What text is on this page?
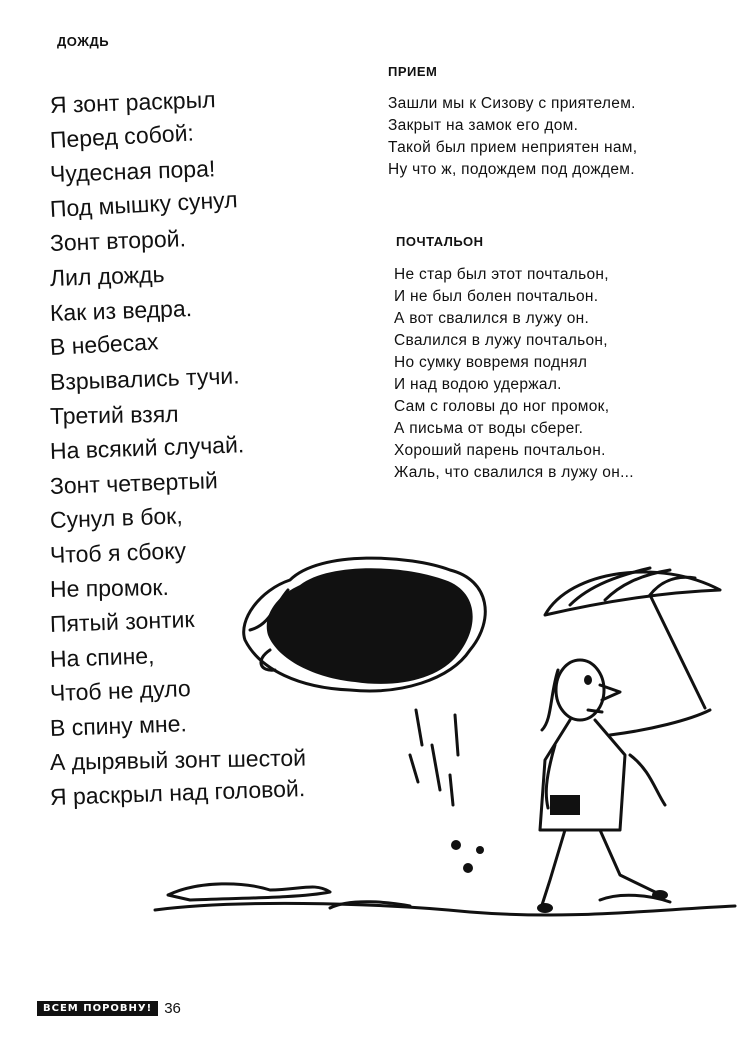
ДОЖДЬ
Я зонт раскрыл
Перед собой:
Чудесная пора!
Под мышку сунул
Зонт второй.
Лил дождь
Как из ведра.
В небесах
Взрывались тучи.
Третий взял
На всякий случай.
Зонт четвертый
Сунул в бок,
Чтоб я сбоку
Не промок.
Пятый зонтик
На спине,
Чтоб не дуло
В спину мне.
А дырявый зонт шестой
Я раскрыл над головой.
ПРИЕМ
Зашли мы к Сизову с приятелем.
Закрыт на замок его дом.
Такой был прием неприятен нам,
Ну что ж, подождем под дождем.
ПОЧТАЛЬОН
Не стар был этот почтальон,
И не был болен почтальон.
А вот свалился в лужу он.
Свалился в лужу почтальон,
Но сумку вовремя поднял
И над водою удержал.
Сам с головы до ног промок,
А письма от воды сберег.
Хороший парень почтальон.
Жаль, что свалился в лужу он...
ВСЕМ ПОРОВНУ! 36
